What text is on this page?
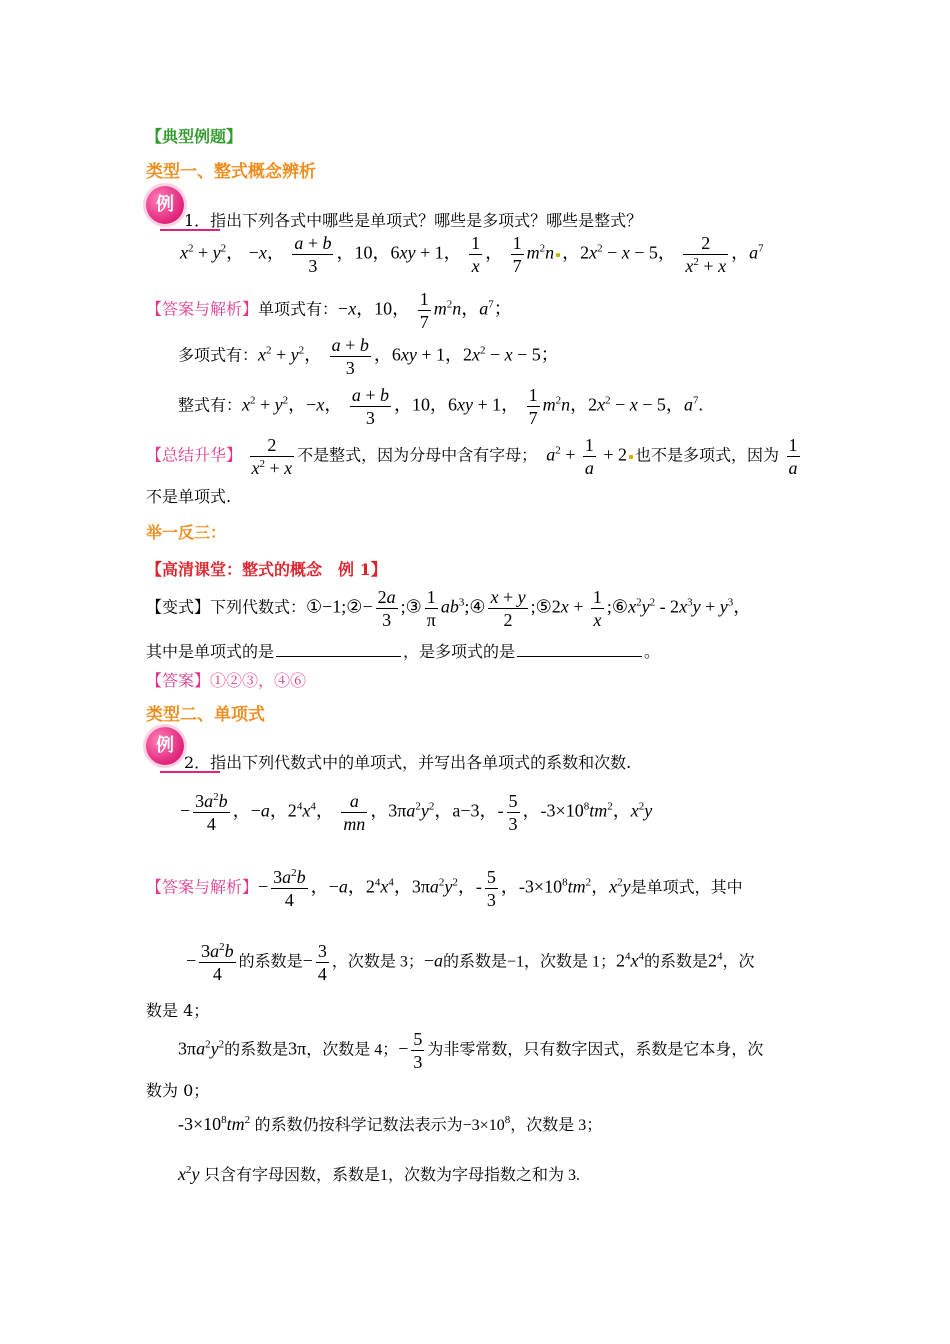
【典型例题】
类型一、整式概念辨析
例
1．指出下列各式中哪些是单项式？哪些是多项式？哪些是整式？
$x^2 + y^2$， −x， $\frac{a + b}{3}$ ，10，6xy + 1， $\frac{1}{x}$ ， $\frac{1}{7} m^2n$ ，$2x^2 - x - 5$， $\frac{2}{x^2 + x}$ ，$a^7$
【答案与解析】单项式有：−x，10， $\frac{1}{7} m^2n$，$a^7$；
多项式有：$x^2 + y^2$， $\frac{a + b}{3}$ ，6xy + 1，$2x^2 - x - 5$；
整式有：$x^2 + y^2$，−x， $\frac{a + b}{3}$ ，10，6xy + 1， $\frac{1}{7} m^2n$，$2x^2 - x - 5$，$a^7$.
【总结升华】 $\frac{2}{x^2 + x}$ 不是整式，因为分母中含有字母； $a^2 + \frac{1}{a} + 2$ 也不是多项式，因为 $\frac{1}{a}$
不是单项式.
举一反三：
【高清课堂：整式的概念　例 1】
【变式】下列代数式：①−1;②− $\frac{2a}{3}$ ;③ $\frac{1}{\pi}$ $ab^3;④ \frac{x + y}{2}$ ;⑤2x + $\frac{1}{x}$ $;⑥x^2y^2 - 2x^3y + y^3$，
其中是单项式的是	，是多项式的是	。
【答案】①②③，④⑥
类型二、单项式
例
2．指出下列代数式中的单项式，并写出各单项式的系数和次数.
− $\frac{3a^2b}{4}$ ，−a，$2^4x^4$， $\frac{a}{mn}$ ，$3\pi a^2y^2$，a−3，- $\frac{5}{3}$ ，$-3\times 10^8tm^2$，$x^2y$
【答案与解析】− $\frac{3a^2b}{4}$ ，−a，$2^4x^4$，$3\pi a^2y^2$，- $\frac{5}{3}$ ，$-3\times 10^8tm^2$，$x^2y$是单项式，其中
− $\frac{3a^2b}{4}$ 的系数是− $\frac{3}{4}$ ，次数是 3；−a的系数是−1，次数是 1；$2^4x^4$的系数是$2^4$，次
数是 4；
$3\pi a^2y^2$的系数是3π，次数是 4；− $\frac{5}{3}$ 为非零常数，只有数字因式，系数是它本身，次
数为 0；
$-3\times 10^8tm^2$ 的系数仍按科学记数法表示为$-3\times 10^8$，次数是 3；
$x^2y$ 只含有字母因数，系数是1，次数为字母指数之和为 3.
